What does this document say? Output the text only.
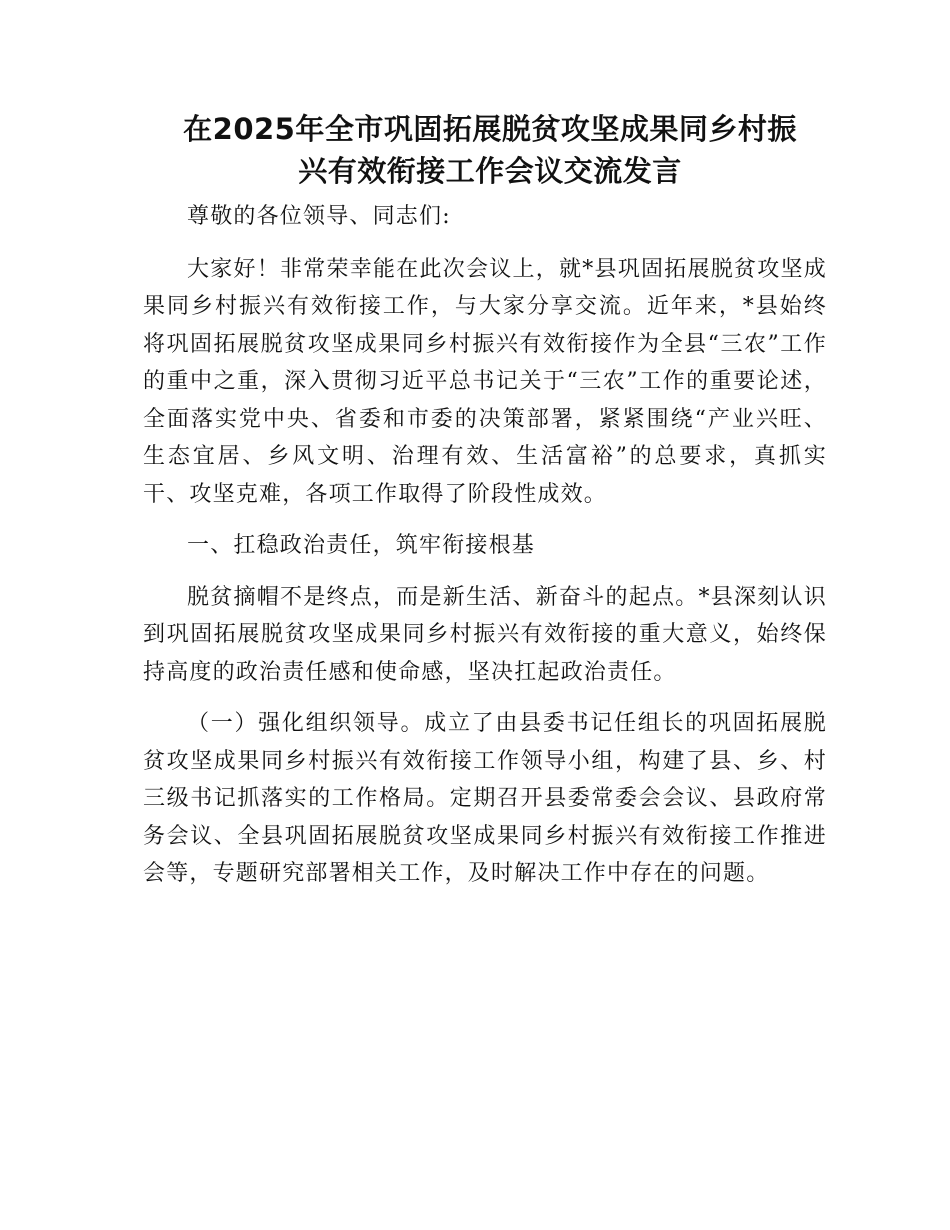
在2025年全市巩固拓展脱贫攻坚成果同乡村振
兴有效衔接工作会议交流发言

尊敬的各位领导、同志们:

大家好！非常荣幸能在此次会议上，就*县巩固拓展脱贫攻坚成果同乡村振兴有效衔接工作，与大家分享交流。近年来，*县始终将巩固拓展脱贫攻坚成果同乡村振兴有效衔接作为全县“三农”工作的重中之重，深入贯彻习近平总书记关于“三农”工作的重要论述，全面落实党中央、省委和市委的决策部署，紧紧围绕“产业兴旺、生态宜居、乡风文明、治理有效、生活富裕”的总要求，真抓实干、攻坚克难，各项工作取得了阶段性成效。

一、扛稳政治责任，筑牢衔接根基

脱贫摘帽不是终点，而是新生活、新奋斗的起点。*县深刻认识到巩固拓展脱贫攻坚成果同乡村振兴有效衔接的重大意义，始终保持高度的政治责任感和使命感，坚决扛起政治责任。

（一）强化组织领导。成立了由县委书记任组长的巩固拓展脱贫攻坚成果同乡村振兴有效衔接工作领导小组，构建了县、乡、村三级书记抓落实的工作格局。定期召开县委常委会会议、县政府常务会议、全县巩固拓展脱贫攻坚成果同乡村振兴有效衔接工作推进会等，专题研究部署相关工作，及时解决工作中存在的问题。
